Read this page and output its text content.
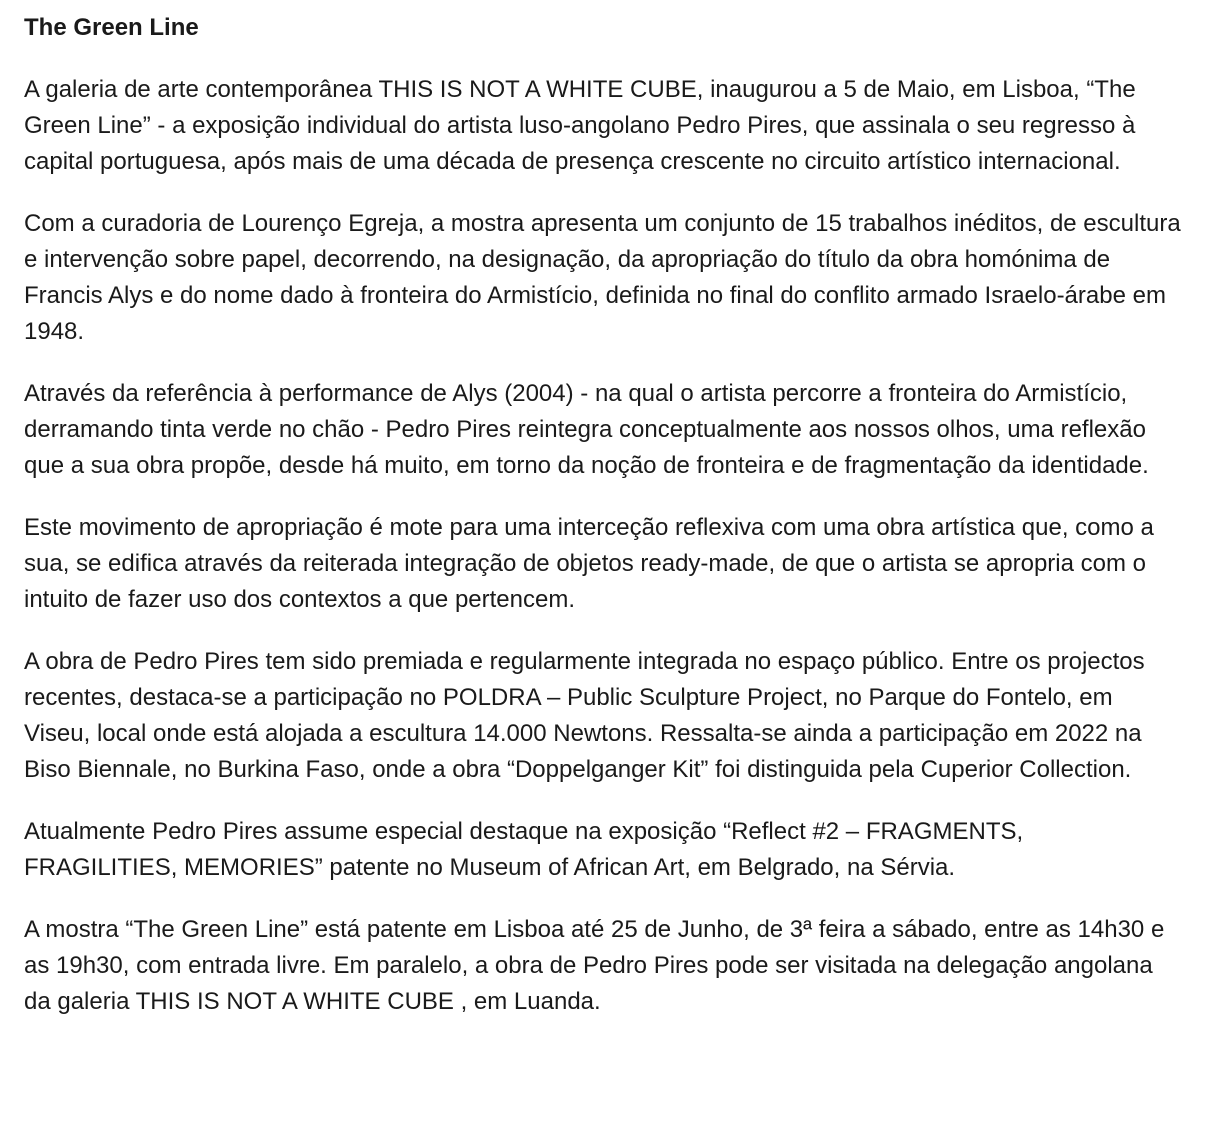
The Green Line

A galeria de arte contemporânea THIS IS NOT A WHITE CUBE, inaugurou a 5 de Maio, em Lisboa, “The Green Line” - a exposição individual do artista luso-angolano Pedro Pires, que assinala o seu regresso à capital portuguesa, após mais de uma década de presença crescente no circuito artístico internacional.

Com a curadoria de Lourenço Egreja, a mostra apresenta um conjunto de 15 trabalhos inéditos, de escultura e intervenção sobre papel, decorrendo, na designação, da apropriação do título da obra homónima de Francis Alys e do nome dado à fronteira do Armistício, definida no final do conflito armado Israelo-árabe em 1948.

Através da referência à performance de Alys (2004) - na qual o artista percorre a fronteira do Armistício, derramando tinta verde no chão - Pedro Pires reintegra conceptualmente aos nossos olhos, uma reflexão que a sua obra propõe, desde há muito, em torno da noção de fronteira e de fragmentação da identidade.

Este movimento de apropriação é mote para uma interceção reflexiva com uma obra artística que, como a sua, se edifica através da reiterada integração de objetos ready-made, de que o artista se apropria com o intuito de fazer uso dos contextos a que pertencem.

A obra de Pedro Pires tem sido premiada e regularmente integrada no espaço público. Entre os projectos recentes, destaca-se a participação no POLDRA – Public Sculpture Project, no Parque do Fontelo, em Viseu, local onde está alojada a escultura 14.000 Newtons. Ressalta-se ainda a participação em 2022 na Biso Biennale, no Burkina Faso, onde a obra “Doppelganger Kit” foi distinguida pela Cuperior Collection.

Atualmente Pedro Pires assume especial destaque na exposição “Reflect #2 – FRAGMENTS, FRAGILITIES, MEMORIES” patente no Museum of African Art, em Belgrado, na Sérvia.

A mostra “The Green Line” está patente em Lisboa até 25 de Junho, de 3ª feira a sábado, entre as 14h30 e as 19h30, com entrada livre. Em paralelo, a obra de Pedro Pires pode ser visitada na delegação angolana da galeria THIS IS NOT A WHITE CUBE , em Luanda.
